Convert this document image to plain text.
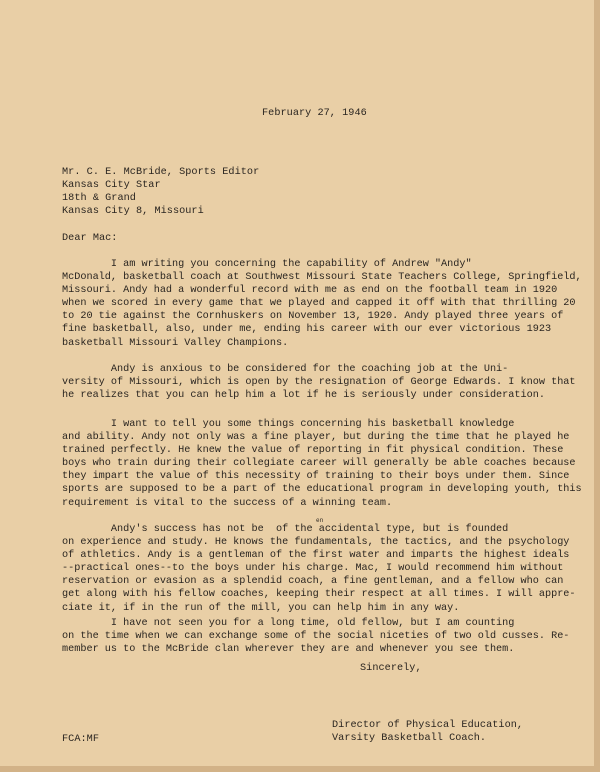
February 27, 1946
Mr. C. E. McBride, Sports Editor
Kansas City Star
18th & Grand
Kansas City 8, Missouri
Dear Mac:
I am writing you concerning the capability of Andrew "Andy"
McDonald, basketball coach at Southwest Missouri State Teachers College, Springfield,
Missouri. Andy had a wonderful record with me as end on the football team in 1920
when we scored in every game that we played and capped it off with that thrilling 20
to 20 tie against the Cornhuskers on November 13, 1920. Andy played three years of
fine basketball, also, under me, ending his career with our ever victorious 1923
basketball Missouri Valley Champions.
Andy is anxious to be considered for the coaching job at the Uni-
versity of Missouri, which is open by the resignation of George Edwards. I know that
he realizes that you can help him a lot if he is seriously under consideration.
I want to tell you some things concerning his basketball knowledge
and ability. Andy not only was a fine player, but during the time that he played he
trained perfectly. He knew the value of reporting in fit physical condition. These
boys who train during their collegiate career will generally be able coaches because
they impart the value of this necessity of training to their boys under them. Since
sports are supposed to be a part of the educational program in developing youth, this
requirement is vital to the success of a winning team.
en
Andy's success has not be  of the accidental type, but is founded
on experience and study. He knows the fundamentals, the tactics, and the psychology
of athletics. Andy is a gentleman of the first water and imparts the highest ideals
--practical ones--to the boys under his charge. Mac, I would recommend him without
reservation or evasion as a splendid coach, a fine gentleman, and a fellow who can
get along with his fellow coaches, keeping their respect at all times. I will appre-
ciate it, if in the run of the mill, you can help him in any way.
I have not seen you for a long time, old fellow, but I am counting
on the time when we can exchange some of the social niceties of two old cusses. Re-
member us to the McBride clan wherever they are and whenever you see them.
Sincerely,
Director of Physical Education,
Varsity Basketball Coach.
FCA:MF
